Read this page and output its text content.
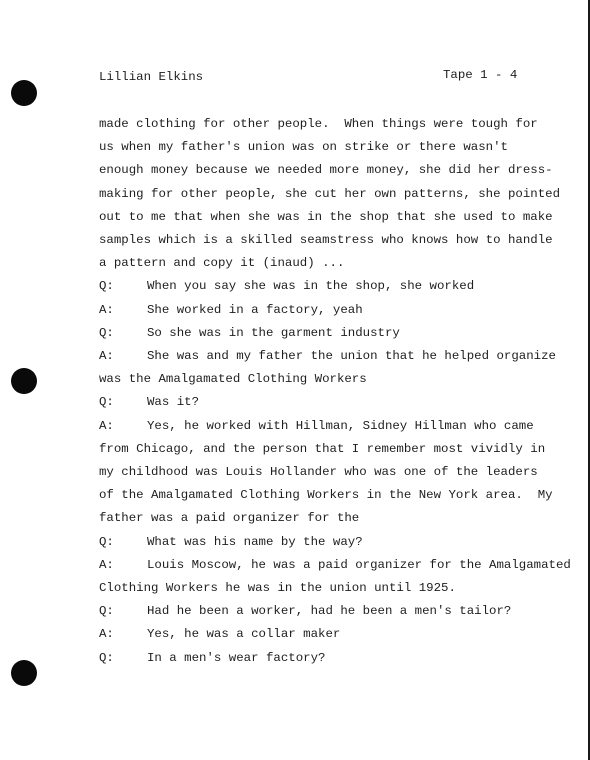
Lillian Elkins	Tape 1 - 4
made clothing for other people.  When things were tough for
us when my father's union was on strike or there wasn't
enough money because we needed more money, she did her dress-
making for other people, she cut her own patterns, she pointed
out to me that when she was in the shop that she used to make
samples which is a skilled seamstress who knows how to handle
a pattern and copy it (inaud) ...
Q:	When you say she was in the shop, she worked
A:	She worked in a factory, yeah
Q:	So she was in the garment industry
A:	She was and my father the union that he helped organize
was the Amalgamated Clothing Workers
Q:	Was it?
A:	Yes, he worked with Hillman, Sidney Hillman who came
from Chicago, and the person that I remember most vividly in
my childhood was Louis Hollander who was one of the leaders
of the Amalgamated Clothing Workers in the New York area.  My
father was a paid organizer for the
Q:	What was his name by the way?
A:	Louis Moscow, he was a paid organizer for the Amalgamated
Clothing Workers he was in the union until 1925.
Q:	Had he been a worker, had he been a men's tailor?
A:	Yes, he was a collar maker
Q:	In a men's wear factory?
